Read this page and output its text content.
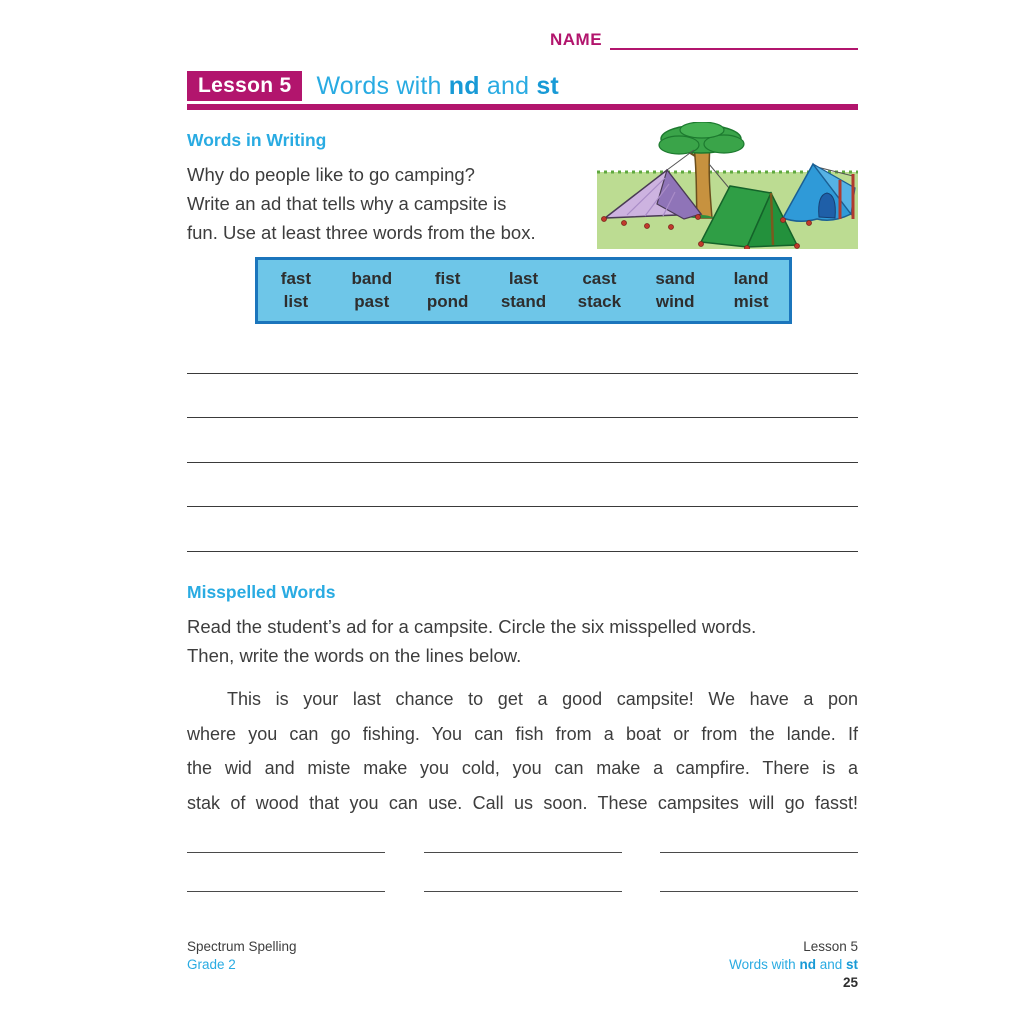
NAME
Lesson 5	Words with nd and st
Words in Writing
Why do people like to go camping?
Write an ad that tells why a campsite is
fun. Use at least three words from the box.
fast	band	fist	last	cast	sand	land
list	past	pond	stand	stack	wind	mist
Misspelled Words
Read the student’s ad for a campsite. Circle the six misspelled words.
Then, write the words on the lines below.
This is your last chance to get a good campsite! We have a pon
where you can go fishing. You can fish from a boat or from the lande. If
the wid and miste make you cold, you can make a campfire. There is a
stak of wood that you can use. Call us soon. These campsites will go fasst!
Spectrum Spelling
Grade 2
Lesson 5
Words with nd and st
25
